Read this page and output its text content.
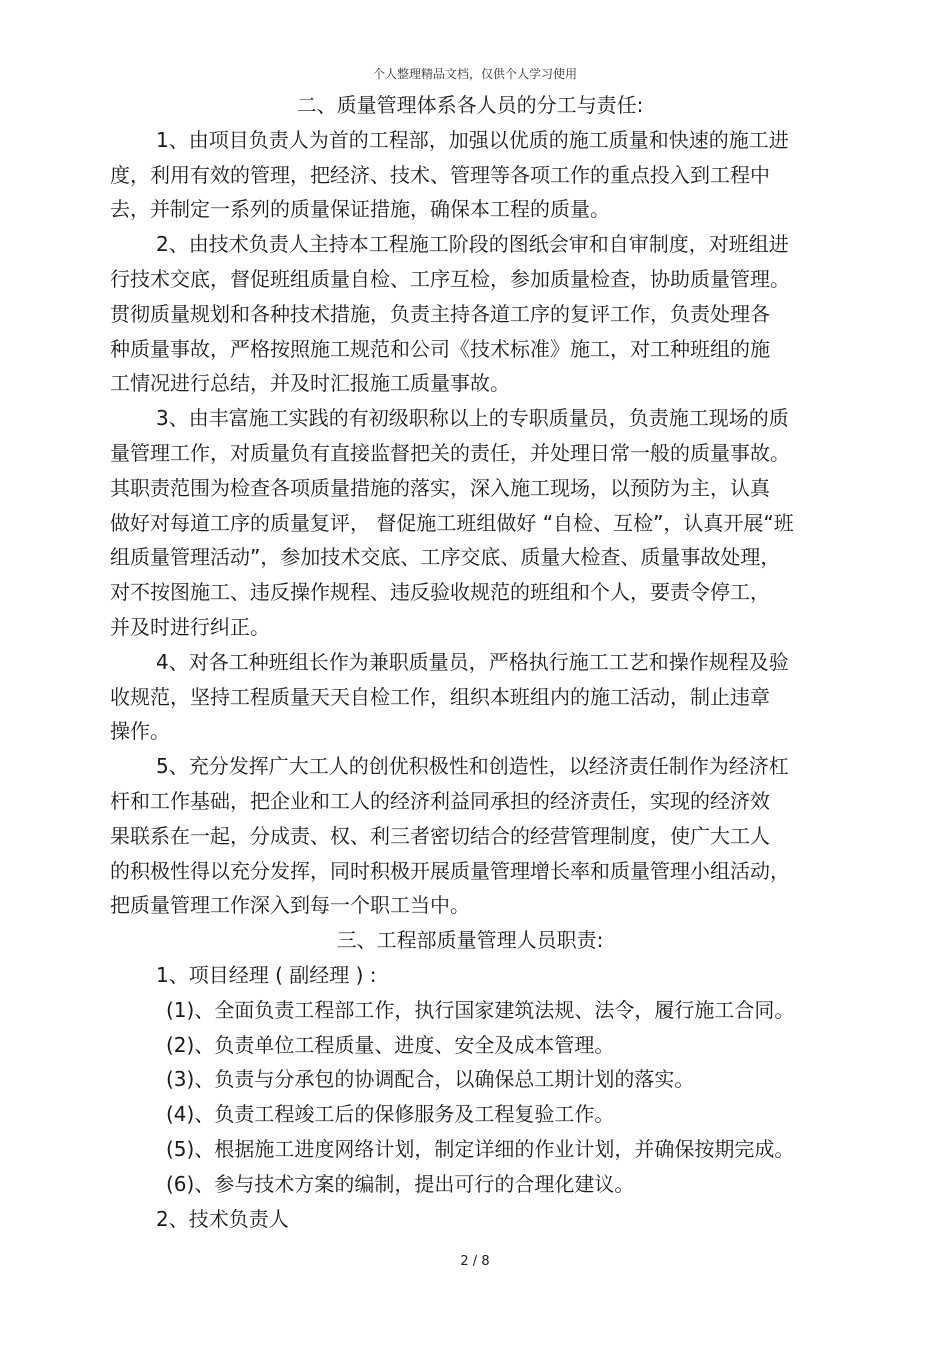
个人整理精品文档，仅供个人学习使用
二、质量管理体系各人员的分工与责任:
1、由项目负责人为首的工程部，加强以优质的施工质量和快速的施工进
度，利用有效的管理，把经济、技术、管理等各项工作的重点投入到工程中
去，并制定一系列的质量保证措施，确保本工程的质量。
2、由技术负责人主持本工程施工阶段的图纸会审和自审制度，对班组进
行技术交底，督促班组质量自检、工序互检，参加质量检查，协助质量管理。
贯彻质量规划和各种技术措施，负责主持各道工序的复评工作，负责处理各
种质量事故，严格按照施工规范和公司《技术标准》施工，对工种班组的施
工情况进行总结，并及时汇报施工质量事故。
3、由丰富施工实践的有初级职称以上的专职质量员，负责施工现场的质
量管理工作，对质量负有直接监督把关的责任，并处理日常一般的质量事故。
其职责范围为检查各项质量措施的落实，深入施工现场，以预防为主，认真
做好对每道工序的质量复评， 督促施工班组做好 “自检、互检”，认真开展“班
组质量管理活动”，参加技术交底、工序交底、质量大检查、质量事故处理，
对不按图施工、违反操作规程、违反验收规范的班组和个人，要责令停工，
并及时进行纠正。
4、对各工种班组长作为兼职质量员，严格执行施工工艺和操作规程及验
收规范，坚持工程质量天天自检工作，组织本班组内的施工活动，制止违章
操作。
5、充分发挥广大工人的创优积极性和创造性，以经济责任制作为经济杠
杆和工作基础，把企业和工人的经济利益同承担的经济责任，实现的经济效
果联系在一起，分成责、权、利三者密切结合的经营管理制度，使广大工人
的积极性得以充分发挥，同时积极开展质量管理增长率和质量管理小组活动，
把质量管理工作深入到每一个职工当中。
三、工程部质量管理人员职责:
1、项目经理 ( 副经理 ) :
(1)、全面负责工程部工作，执行国家建筑法规、法令，履行施工合同。
(2)、负责单位工程质量、进度、安全及成本管理。
(3)、负责与分承包的协调配合，以确保总工期计划的落实。
(4)、负责工程竣工后的保修服务及工程复验工作。
(5)、根据施工进度网络计划，制定详细的作业计划，并确保按期完成。
(6)、参与技术方案的编制，提出可行的合理化建议。
2、技术负责人
2 / 8
